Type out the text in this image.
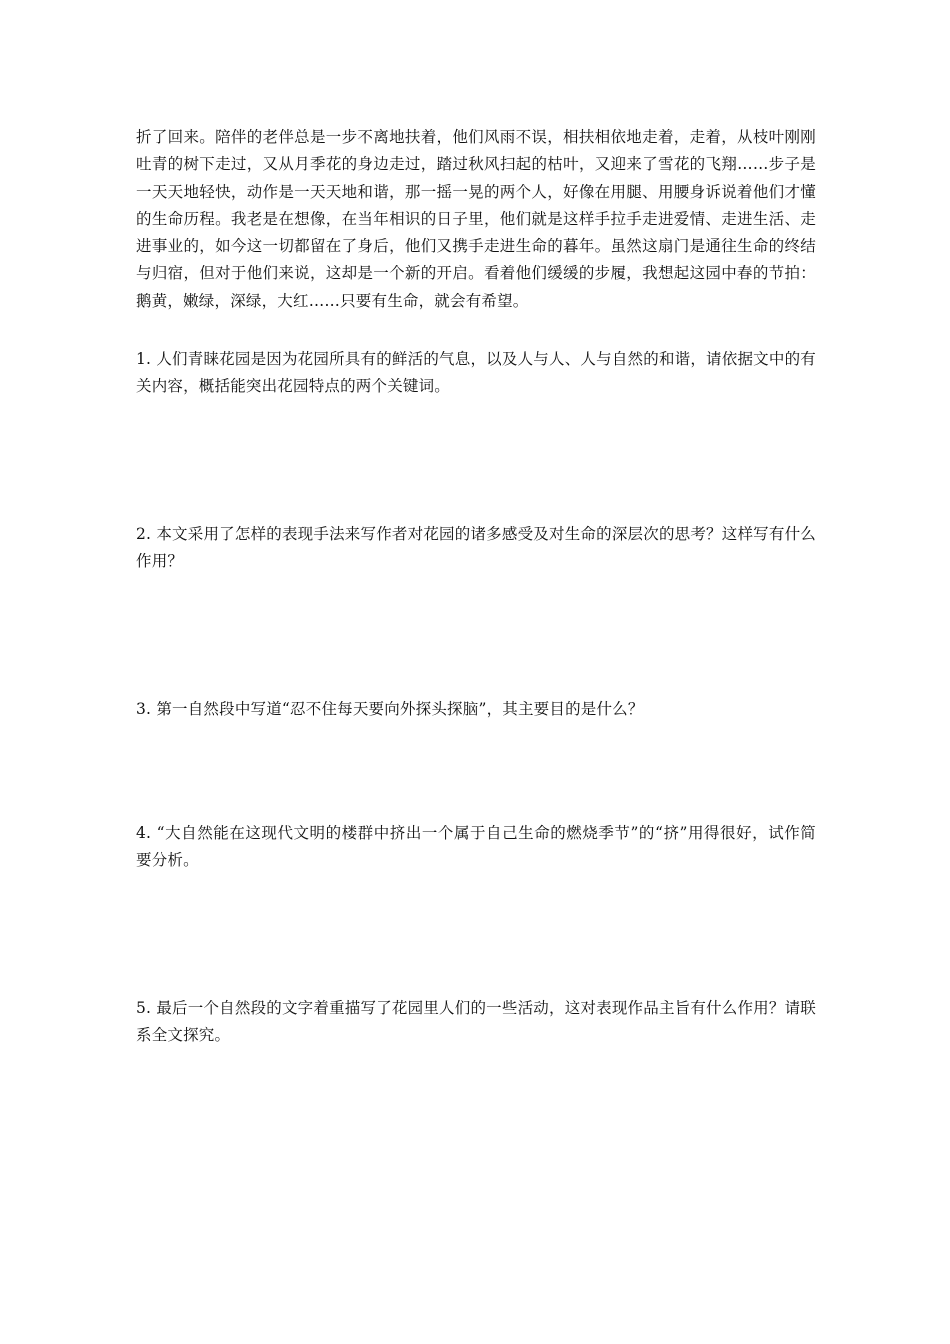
折了回来。陪伴的老伴总是一步不离地扶着，他们风雨不误，相扶相依地走着，走着，从枝叶刚刚吐青的树下走过，又从月季花的身边走过，踏过秋风扫起的枯叶，又迎来了雪花的飞翔……步子是一天天地轻快，动作是一天天地和谐，那一摇一晃的两个人，好像在用腿、用腰身诉说着他们才懂的生命历程。我老是在想像，在当年相识的日子里，他们就是这样手拉手走进爱情、走进生活、走进事业的，如今这一切都留在了身后，他们又携手走进生命的暮年。虽然这扇门是通往生命的终结与归宿，但对于他们来说，这却是一个新的开启。看着他们缓缓的步履，我想起这园中春的节拍：鹅黄，嫩绿，深绿，大红……只要有生命，就会有希望。

1. 人们青睐花园是因为花园所具有的鲜活的气息，以及人与人、人与自然的和谐，请依据文中的有关内容，概括能突出花园特点的两个关键词。

2. 本文采用了怎样的表现手法来写作者对花园的诸多感受及对生命的深层次的思考？这样写有什么作用？

3. 第一自然段中写道“忍不住每天要向外探头探脑”，其主要目的是什么？

4. “大自然能在这现代文明的楼群中挤出一个属于自己生命的燃烧季节”的“挤”用得很好，试作简要分析。

5. 最后一个自然段的文字着重描写了花园里人们的一些活动，这对表现作品主旨有什么作用？请联系全文探究。
